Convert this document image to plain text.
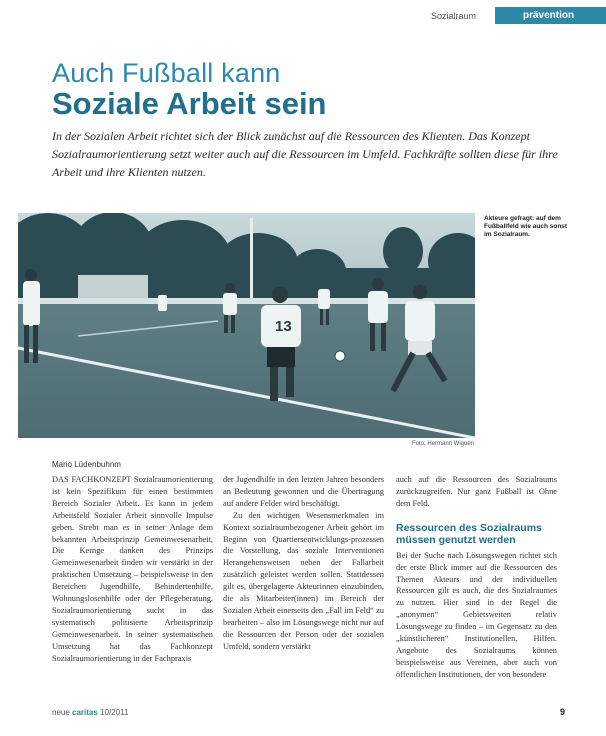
Sozialraum	prävention
Auch Fußball kann
Soziale Arbeit sein
In der Sozialen Arbeit richtet sich der Blick zunächst auf die Ressourcen des Klienten. Das Konzept Sozialraumorientierung setzt weiter auch auf die Ressourcen im Umfeld. Fachkräfte sollten diese für ihre Arbeit und ihre Klienten nutzen.
13
Akteure gefragt: auf dem Fußballfeld wie auch sonst im Sozialraum.
Foto: Hermann Wiguen
Mario Lüdenbuhnm

DAS FACHKONZEPT Sozialraumorientierung ist kein Spezifikum für einen bestimmten Bereich Sozialer Arbeit. Es kann in jedem Arbeitsfeld Sozialer Arbeit sinnvolle Impulse geben. Strebt man es in seiner Anlage dem bekannten Arbeitsprinzip Gemeinwesenarbeit, Die Kernge danken des Prinzips Gemeinwesenarbeit finden wir verstärkt in der praktischen Umsetzung – beispielsweise in den Bereichen Jugendhilfe, Behindertenhilfe, Wohnungslosenhilfe oder der Pflegeberatung. Sozialraumorientierung sucht in das systematisch politisierte Arbeitsprinzip Gemeinwesenarbeit. In seiner systematischen Umsetzung hat das Fachkonzept Sozialraumorientierung in der Fachpraxis

der Jugendhilfe in den letzten Jahren besonders an Bedeutung gewonnen und die Übertragung auf andere Felder wird beschäftigt.

Zu den wichtigen Wesensmerkmalen im Kontext sozialraumbezogener Arbeit gehört im Beginn von Quartiersentwicklungs-prozessen die Vorstellung, das soziale Interventionen Herangehensweisen neben der Fallarbeit zusätzlich geleistet werden sollen. Stattdessen gilt es, übergelagerte Akteurinnen einzubinden, die als Mitarbeiter(innen) im Bereich der Sozialen Arbeit einerseits den „Fall im Feld“ zu bearbeiten – also im Lösungswege nicht nur auf die Ressourcen der Person oder der sozialen Umfeld, sondern verstärkt

auch auf die Ressourcen des Sozialraums zurückzugreifen. Nur ganz Fußball ist Ohne dem Feld.

Ressourcen des Sozialraums müssen genutzt werden

Bei der Suche nach Lösungswegen richtet sich der erste Blick immer auf die Ressourcen des Themen Akteurs und der individuellen Ressourcen gilt es auch, die des Sozialraumes zu nutzen. Hier sind in der Regel die „anonymen“ Gebietsweiten relativ Lösungswege zu finden – im Gegensatz zu den „künstlicheren“ Institutionellen, Hilfen. Angebote des Sozialraums können beispielsweise aus Vereinen, aber auch von öffentlichen Institutionen, der von besondere

neue caritas 10/2011	9
